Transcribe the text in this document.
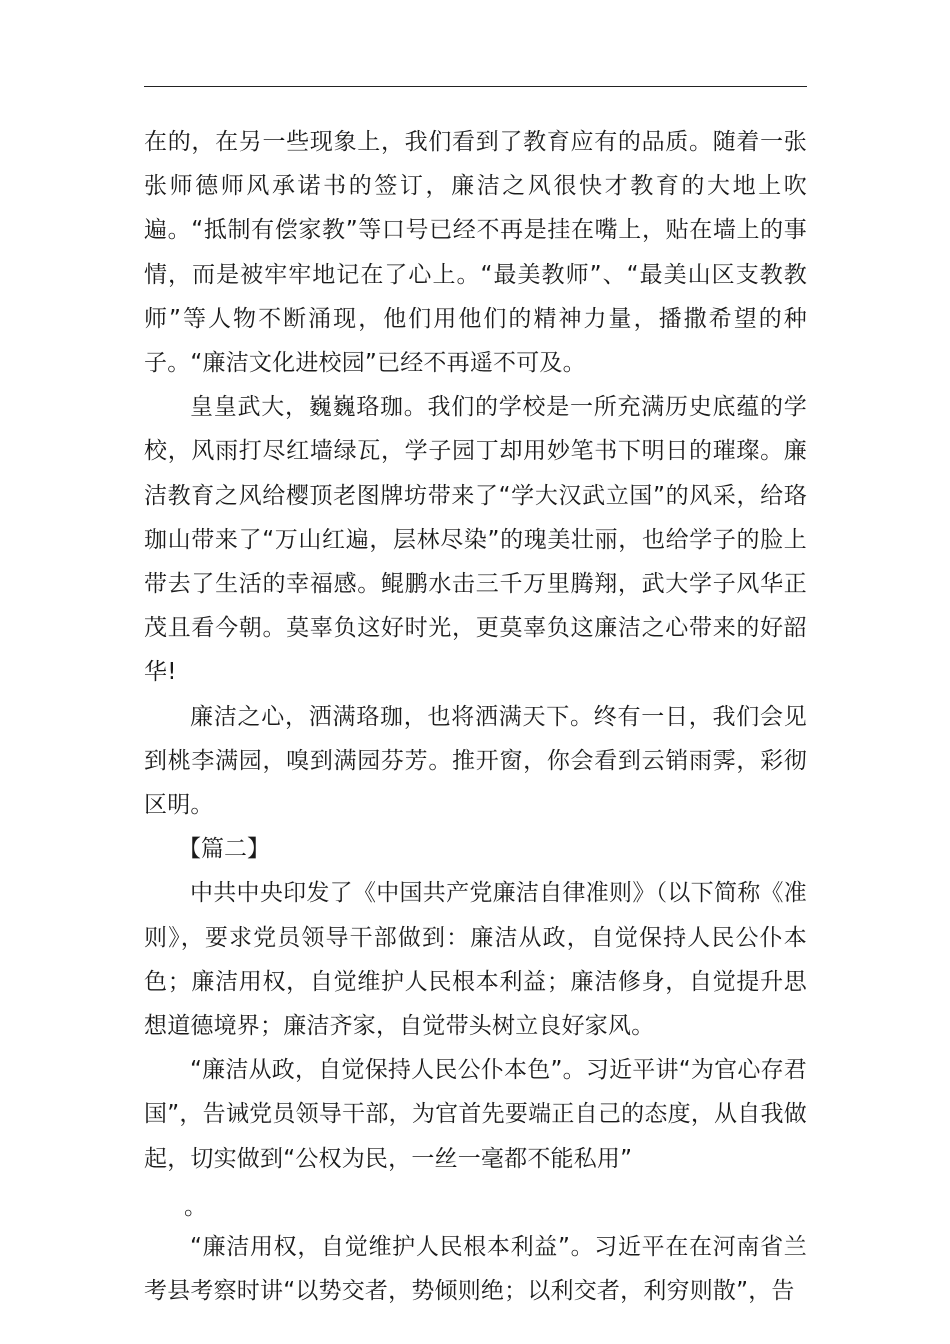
在的，在另一些现象上，我们看到了教育应有的品质。随着一张张师德师风承诺书的签订，廉洁之风很快才教育的大地上吹遍。“抵制有偿家教”等口号已经不再是挂在嘴上，贴在墙上的事情，而是被牢牢地记在了心上。“最美教师”、“最美山区支教教师”等人物不断涌现，他们用他们的精神力量，播撒希望的种子。“廉洁文化进校园”已经不再遥不可及。

皇皇武大，巍巍珞珈。我们的学校是一所充满历史底蕴的学校，风雨打尽红墙绿瓦，学子园丁却用妙笔书下明日的璀璨。廉洁教育之风给樱顶老图牌坊带来了“学大汉武立国”的风采，给珞珈山带来了“万山红遍，层林尽染”的瑰美壮丽，也给学子的脸上带去了生活的幸福感。鲲鹏水击三千万里腾翔，武大学子风华正茂且看今朝。莫辜负这好时光，更莫辜负这廉洁之心带来的好韶华!

廉洁之心，洒满珞珈，也将洒满天下。终有一日，我们会见到桃李满园，嗅到满园芬芳。推开窗，你会看到云销雨霁，彩彻区明。

【篇二】

中共中央印发了《中国共产党廉洁自律准则》（以下简称《准则》，要求党员领导干部做到：廉洁从政，自觉保持人民公仆本色；廉洁用权，自觉维护人民根本利益；廉洁修身，自觉提升思想道德境界；廉洁齐家，自觉带头树立良好家风。

“廉洁从政，自觉保持人民公仆本色”。习近平讲“为官心存君国”，告诫党员领导干部，为官首先要端正自己的态度，从自我做起，切实做到“公权为民，一丝一毫都不能私用”

。

“廉洁用权，自觉维护人民根本利益”。习近平在在河南省兰考县考察时讲“以势交者，势倾则绝；以利交者，利穷则散”，告
